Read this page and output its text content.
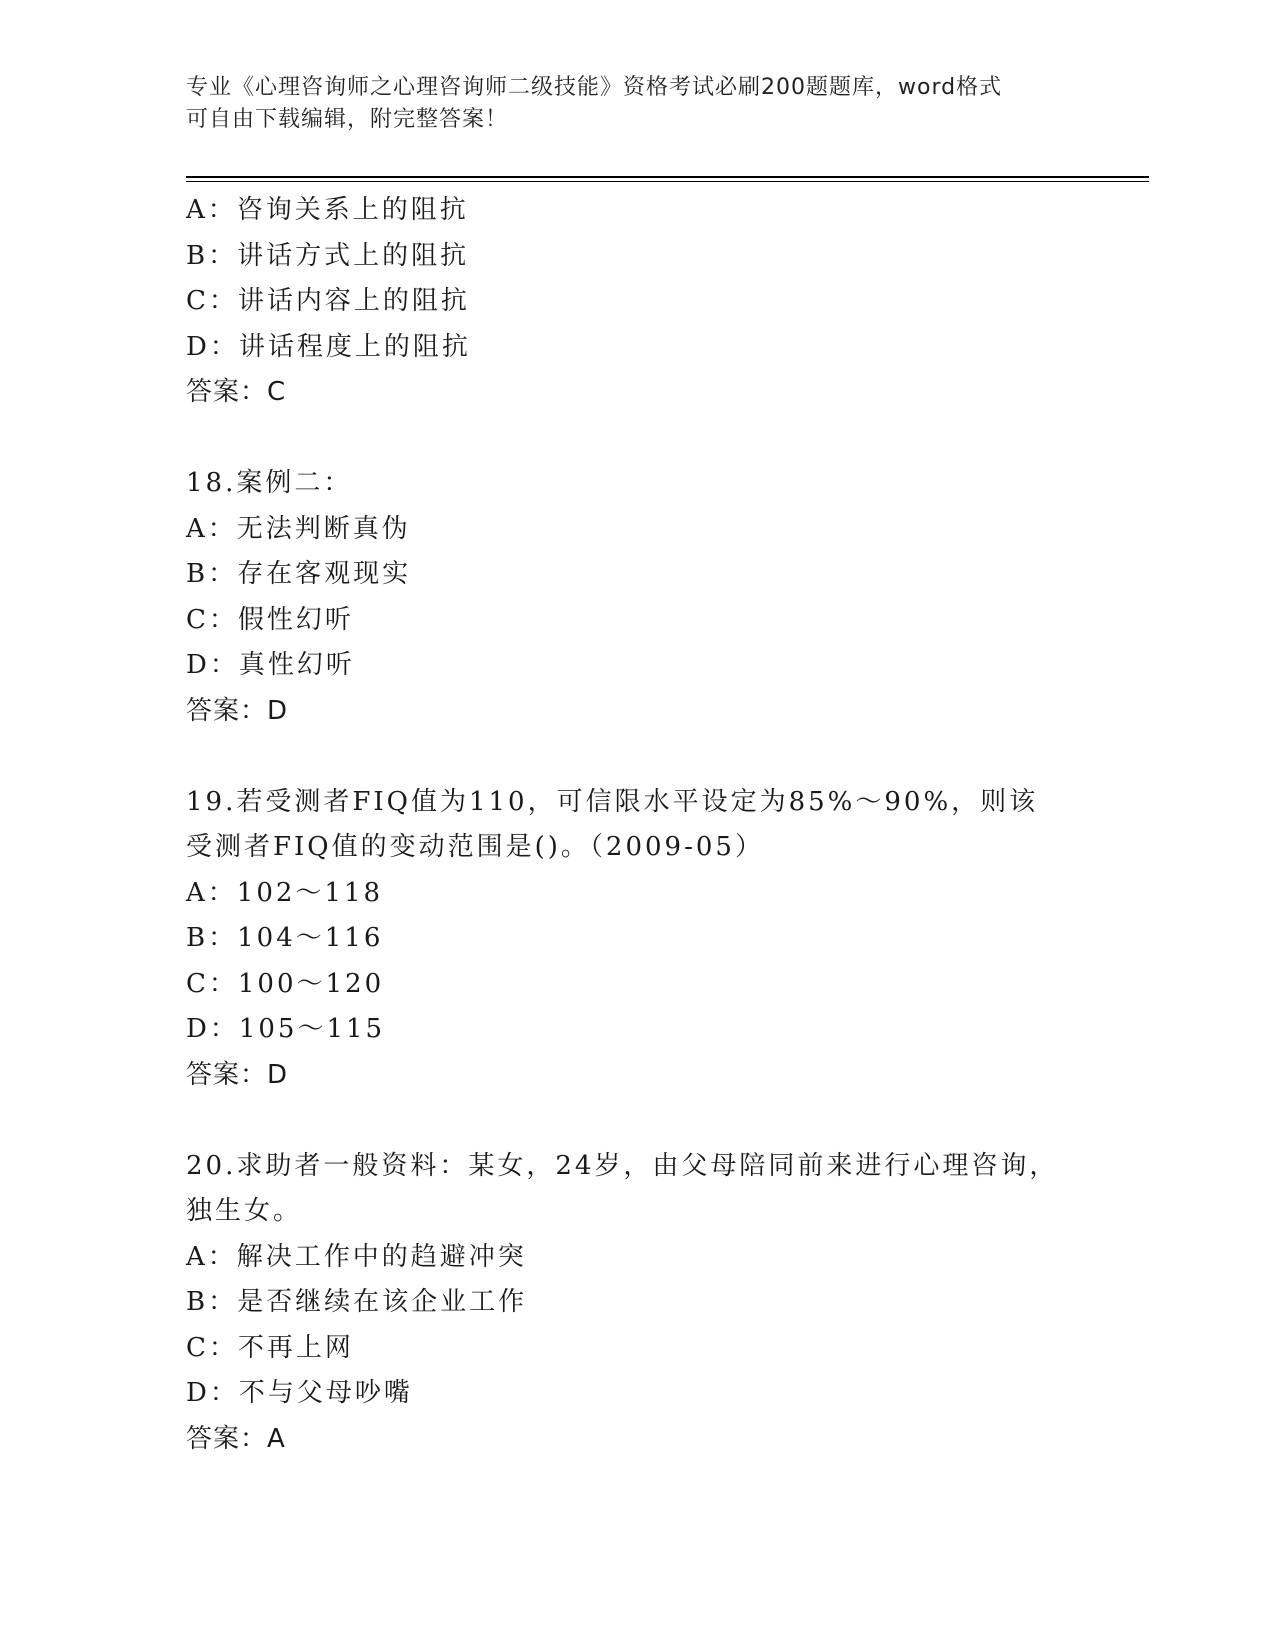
专业《心理咨询师之心理咨询师二级技能》资格考试必刷200题题库，word格式

可自由下载编辑，附完整答案！

A：咨询关系上的阻抗
B：讲话方式上的阻抗
C：讲话内容上的阻抗
D：讲话程度上的阻抗
答案：C
18.案例二：
A：无法判断真伪
B：存在客观现实
C：假性幻听
D：真性幻听
答案：D
19.若受测者FIQ值为110，可信限水平设定为85%～90%，则该受测者FIQ值的变动范围是()。（2009-05）
A：102～118
B：104～116
C：100～120
D：105～115
答案：D
20.求助者一般资料：某女，24岁，由父母陪同前来进行心理咨询，独生女。
A：解决工作中的趋避冲突
B：是否继续在该企业工作
C：不再上网
D：不与父母吵嘴
答案：A
